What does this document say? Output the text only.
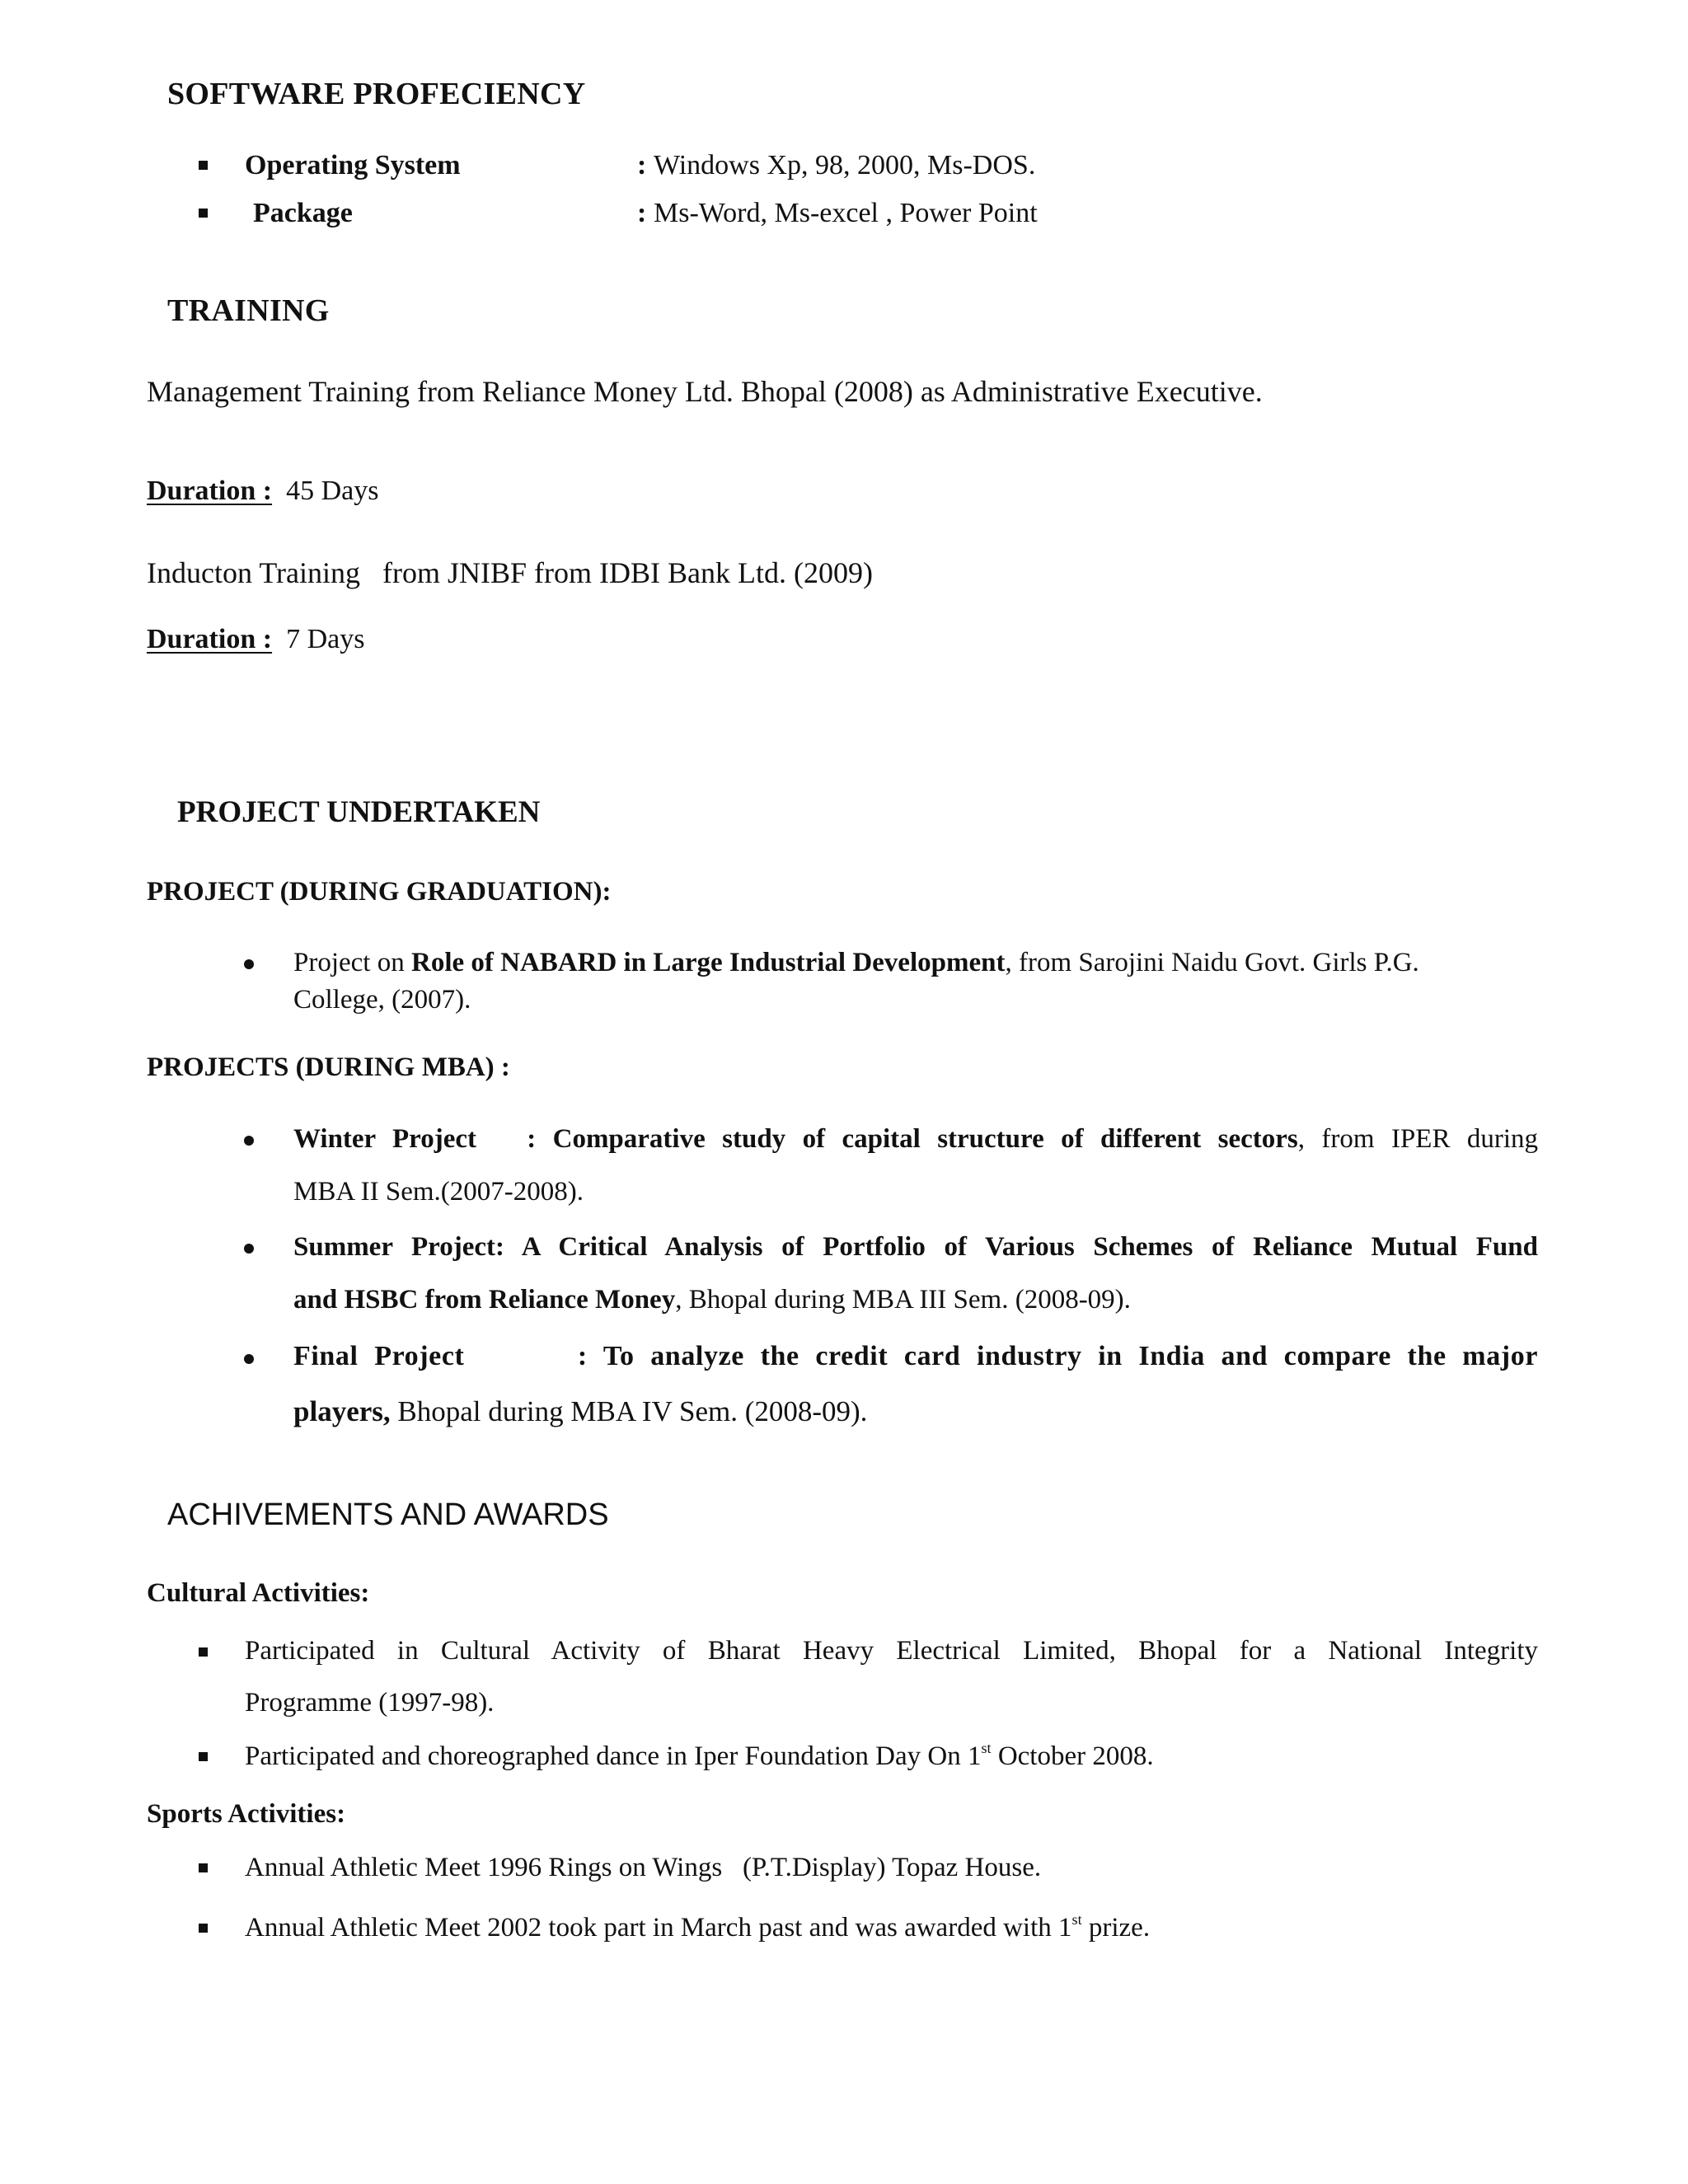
SOFTWARE PROFECIENCY
Operating System	: Windows Xp, 98, 2000, Ms-DOS.
Package	: Ms-Word, Ms-excel , Power Point
TRAINING
Management Training from Reliance Money Ltd. Bhopal (2008) as Administrative Executive.
Duration : 45 Days
Inducton Training   from JNIBF from IDBI Bank Ltd. (2009)
Duration : 7 Days
PROJECT UNDERTAKEN
PROJECT (DURING GRADUATION):
Project on Role of NABARD in Large Industrial Development, from Sarojini Naidu Govt. Girls P.G.
College, (2007).
PROJECTS (DURING MBA) :
Winter Project : Comparative study of capital structure of different sectors, from IPER during
MBA II Sem.(2007-2008).
Summer Project: A Critical Analysis of Portfolio of Various Schemes of Reliance Mutual Fund
and HSBC from Reliance Money, Bhopal during MBA III Sem. (2008-09).
Final Project	: To analyze the credit card industry in India and compare the major
players, Bhopal during MBA IV Sem. (2008-09).
ACHIVEMENTS AND AWARDS
Cultural Activities:
Participated in Cultural Activity of Bharat Heavy Electrical Limited, Bhopal for a National Integrity
Programme (1997-98).
Participated and choreographed dance in Iper Foundation Day On 1st October 2008.
Sports Activities:
Annual Athletic Meet 1996 Rings on Wings   (P.T.Display) Topaz House.
Annual Athletic Meet 2002 took part in March past and was awarded with 1st prize.
